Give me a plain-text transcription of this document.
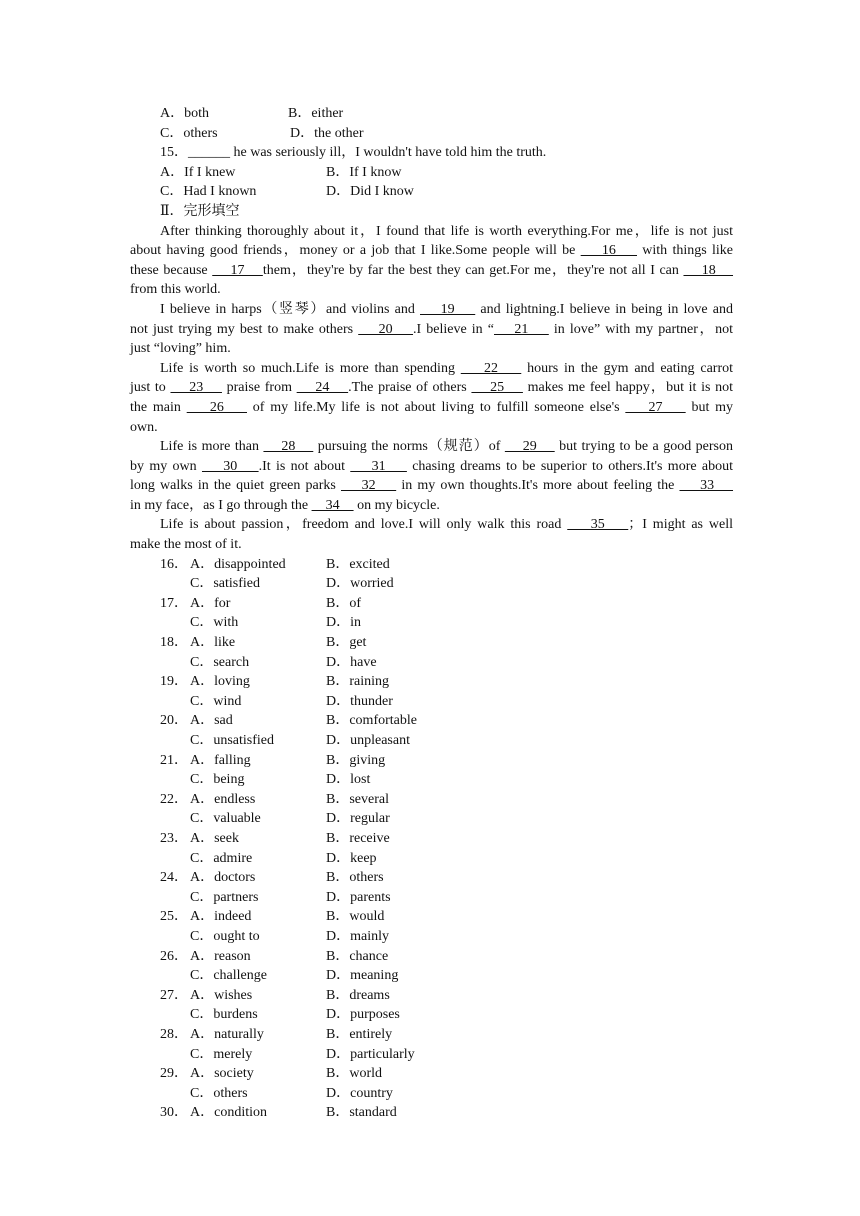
A．both	B．either
C．others	D．the other
15．______ he was seriously ill，I wouldn't have told him the truth.
A．If I knew	B．If I know
C．Had I known	D．Did I know
Ⅱ．完形填空
After thinking thoroughly about it，I found that life is worth everything.For me，life is not just
about having good friends，money or a job that I like.Some people will be     16     with things like
these because     17    them，they're by far the best they can get.For me，they're not all I can     18
from this world.
I believe in harps（竖琴）and violins and     19     and lightning.I believe in being in love and
not just trying my best to make others     20    .I believe in “    21     in love” with my partner，not
just “loving” him.
Life is worth so much.Life is more than spending     22     hours in the gym and eating carrot
just to     23     praise from     24    .The praise of others     25     makes me feel happy，but it is not
the main     26     of my life.My life is not about living to fulfill someone else's     27     but my
own.
Life is more than     28     pursuing the norms（规范）of     29     but trying to be a good person
by my own     30    .It is not about     31     chasing dreams to be superior to others.It's more about
long walks in the quiet green parks     32     in my own thoughts.It's more about feeling the     33
in my face，as I go through the     34     on my bicycle.
Life is about passion，freedom and love.I will only walk this road     35    ；I might as well
make the most of it.
16． A．disappointed	B．excited
C．satisfied	D．worried
17． A．for	B．of
C．with	D．in
18． A．like	B．get
C．search	D．have
19． A．loving	B．raining
C．wind	D．thunder
20． A．sad	B．comfortable
C．unsatisfied	D．unpleasant
21． A．falling	B．giving
C．being	D．lost
22． A．endless	B．several
C．valuable	D．regular
23． A．seek	B．receive
C．admire	D．keep
24． A．doctors	B．others
C．partners	D．parents
25． A．indeed	B．would
C．ought to	D．mainly
26． A．reason	B．chance
C．challenge	D．meaning
27． A．wishes	B．dreams
C．burdens	D．purposes
28． A．naturally	B．entirely
C．merely	D．particularly
29． A．society	B．world
C．others	D．country
30． A．condition	B．standard
